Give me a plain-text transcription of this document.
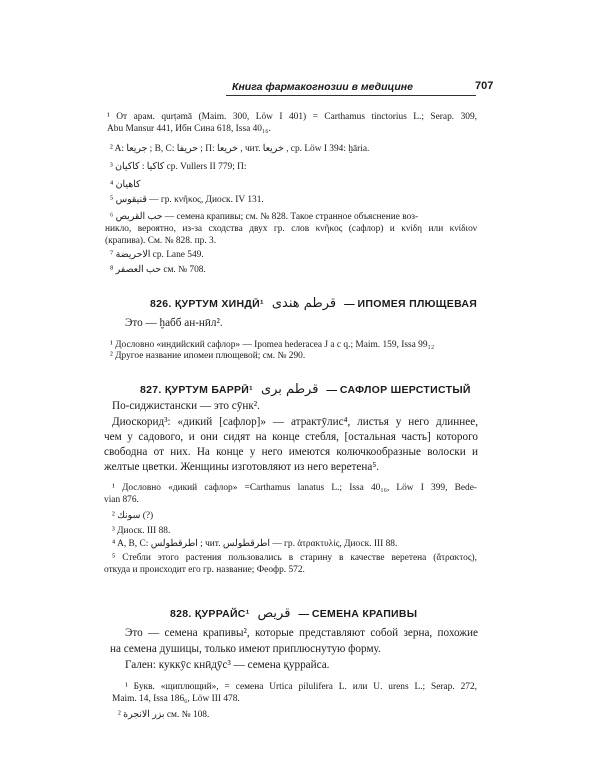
Книга фармакогнозии в медицине	707
¹ От арам. qurṭəmā (Maim. 300, Löw I 401) = Carthamus tinctorius L.; Serap. 309,
Abu Mansur 441, Ибн Сина 618, Issa 40₁₆.
² A: جريعا ; B, C: حريفا ; П: خريعا , чит. خريعا , ср. Löw I 394: ḫāria.
³ كاكيا : كاكيان ср. Vullers II 779; П:
⁴ كاهيان
⁵ قنيقوس — гр. κνῆκος, Диоск. IV 131.
⁶ حب القريص — семена крапивы; см. № 828. Такое странное объяснение воз-
никло, вероятно, из-за сходства двух гр. слов κνῆκος (сафлор) и κνίδη или κνίδιον
(крапива). См. № 828. пр. 3.
⁷ الاحريضة ср. Lane 549.
⁸ حب العصفر см. № 708.
826. ҚУРТУМ ХИНДӢ¹ قرطم هندى — ИПОМЕЯ ПЛЮЩЕВАЯ
Это — ḫабб ан-нӣл².
¹ Дословно «индийский сафлор» — Ipomea hederacea J a c q.; Maim. 159, Issa 99₁₂
² Другое название ипомеи плющевой; см. № 290.
827. ҚУРТУМ БАРРӢ¹ قرطم برى — САФЛОР ШЕРСТИСТЫЙ
По-сиджистански — это сӯнк².
Диоскорид³: «дикий [сафлор]» — атрактӯлис⁴, листья у него длиннее,
чем у садового, и они сидят на конце стебля, [остальная часть] которого
свободна от них. На конце у него имеются колючкообразные волоски и
желтые цветки. Женщины изготовляют из него веретена⁵.
¹ Дословно «дикий сафлор» =Carthamus lanatus L.; Issa 40₁₆, Löw I 399, Bede-
vian 876.
² سونك (?)
³ Диоск. III 88.
⁴ A, B, C: اطرقطولس ; чит. اطرقطولس — гр. ἀτρακτυλίς, Диоск. III 88.
⁵ Стебли этого растения пользовались в старину в качестве веретена (ἄτρακτος),
откуда и происходит его гр. название; Феофр. 572.
828. ҚУРРАЙС¹ قريص — СЕМЕНА КРАПИВЫ
Это — семена крапивы², которые представляют собой зерна, похожие
на семена душицы, только имеют приплюснутую форму.
Гален: куккӯс кнӣдӯс³ — семена қуррайса.
¹ Букв. «щиплющий», = семена Urtica pilulifera L. или U. urens L.; Serap. 272,
Maim. 14, Issa 186₆, Löw III 478.
² بزر الانجرة см. № 108.
